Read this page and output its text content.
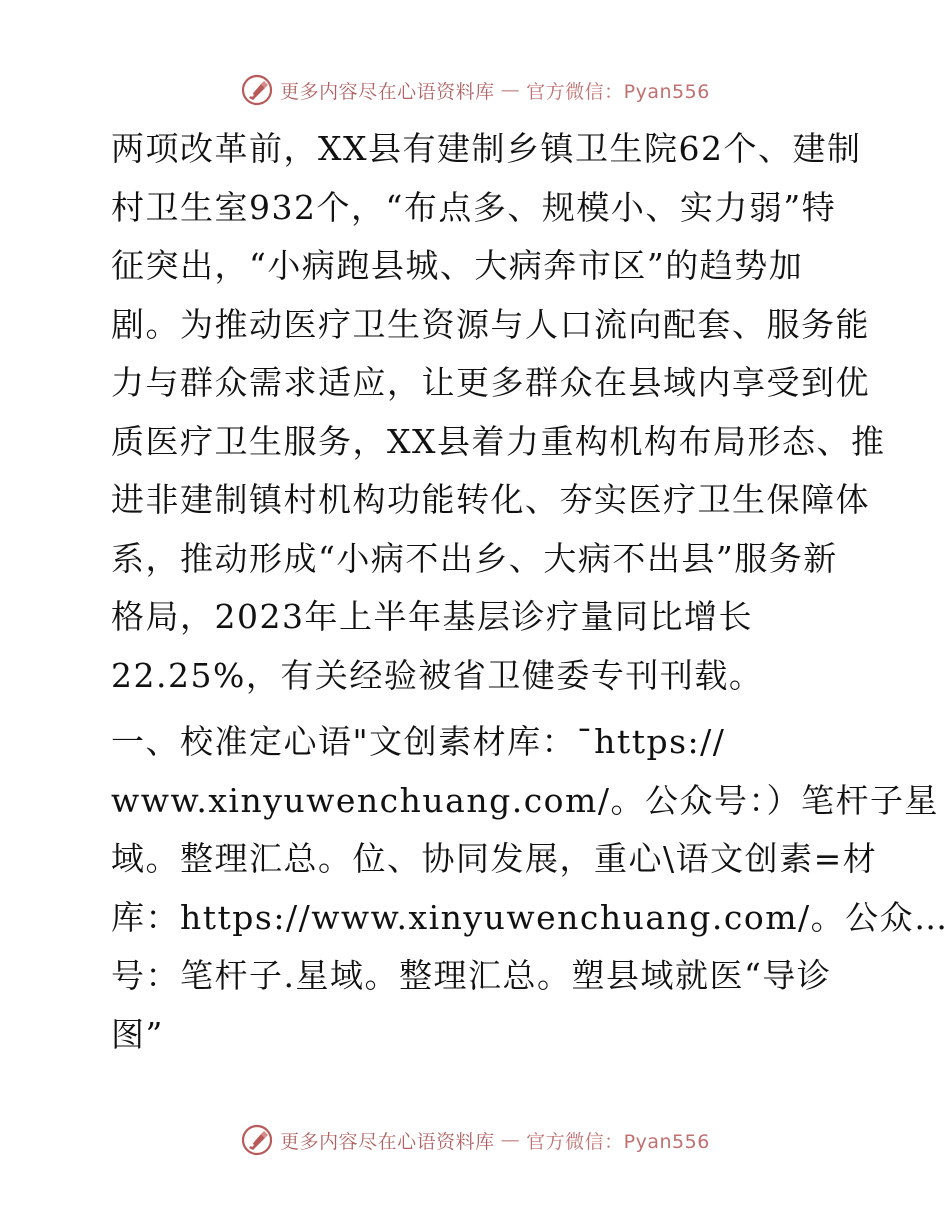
更多内容尽在心语资料库 — 官方微信：Pyan556

两项改革前，XX县有建制乡镇卫生院62个、建制
村卫生室932个，“布点多、规模小、实力弱”特
征突出，“小病跑县城、大病奔市区”的趋势加
剧。为推动医疗卫生资源与人口流向配套、服务能
力与群众需求适应，让更多群众在县域内享受到优
质医疗卫生服务，XX县着力重构机构布局形态、推
进非建制镇村机构功能转化、夯实医疗卫生保障体
系，推动形成“小病不出乡、大病不出县”服务新
格局，2023年上半年基层诊疗量同比增长
22.25%，有关经验被省卫健委专刊刊载。

一、校准定心语"文创素材库：¯https://
www.xinyuwenchuang.com/。公众号：）笔杆子星
域。整理汇总。位、协同发展，重心\语文创素=材
库：https://www.xinyuwenchuang.com/。公众…
号：笔杆子.星域。整理汇总。塑县域就医“导诊
图”

更多内容尽在心语资料库 — 官方微信：Pyan556
